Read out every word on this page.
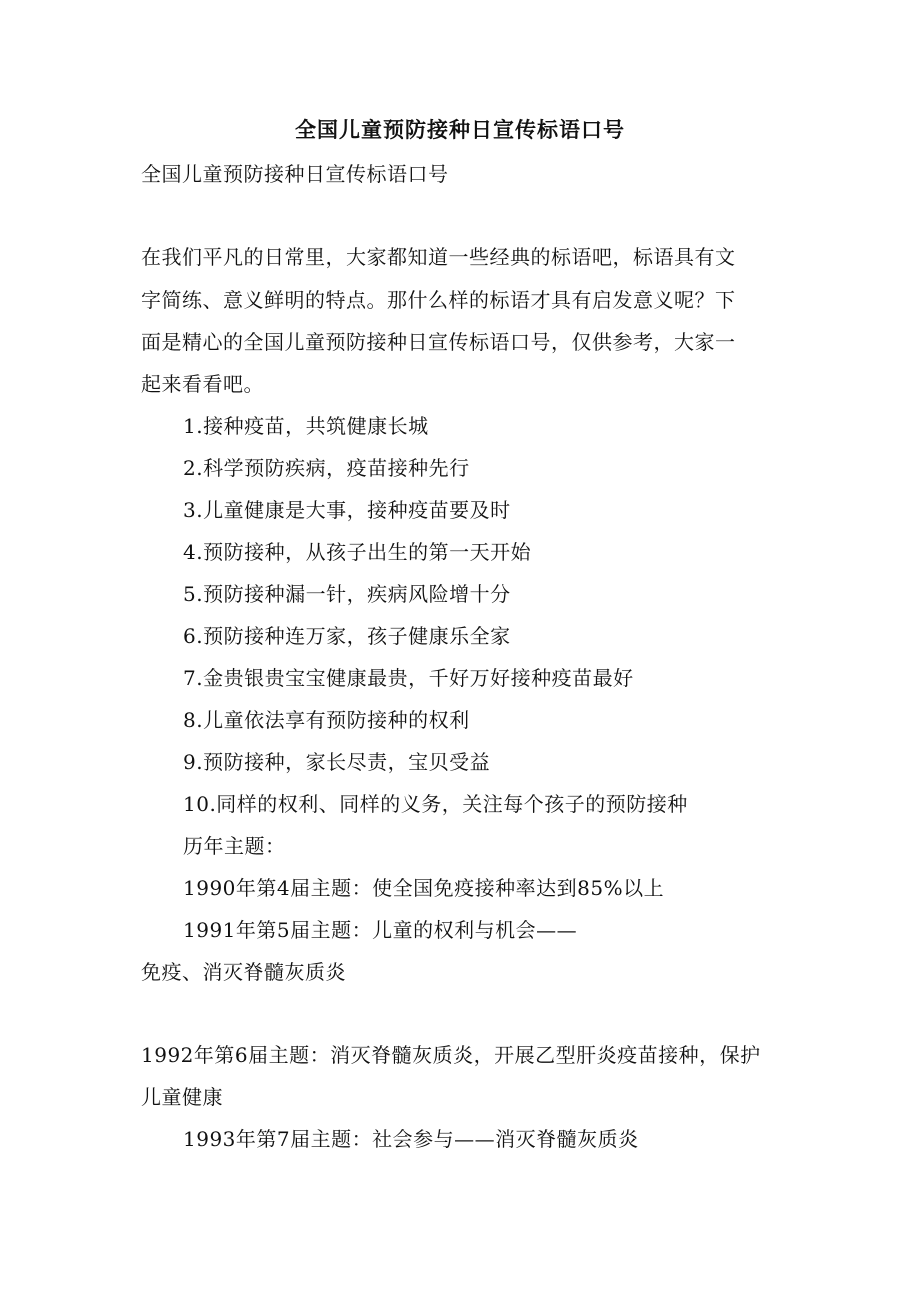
全国儿童预防接种日宣传标语口号
全国儿童预防接种日宣传标语口号
在我们平凡的日常里，大家都知道一些经典的标语吧，标语具有文
字简练、意义鲜明的特点。那什么样的标语才具有启发意义呢？下
面是精心的全国儿童预防接种日宣传标语口号，仅供参考，大家一
起来看看吧。
1.接种疫苗，共筑健康长城
2.科学预防疾病，疫苗接种先行
3.儿童健康是大事，接种疫苗要及时
4.预防接种，从孩子出生的第一天开始
5.预防接种漏一针，疾病风险增十分
6.预防接种连万家，孩子健康乐全家
7.金贵银贵宝宝健康最贵，千好万好接种疫苗最好
8.儿童依法享有预防接种的权利
9.预防接种，家长尽责，宝贝受益
10.同样的权利、同样的义务，关注每个孩子的预防接种
历年主题：
1990年第4届主题：使全国免疫接种率达到85%以上
1991年第5届主题：儿童的权利与机会——
免疫、消灭脊髓灰质炎
1992年第6届主题：消灭脊髓灰质炎，开展乙型肝炎疫苗接种，保护
儿童健康
1993年第7届主题：社会参与——消灭脊髓灰质炎
